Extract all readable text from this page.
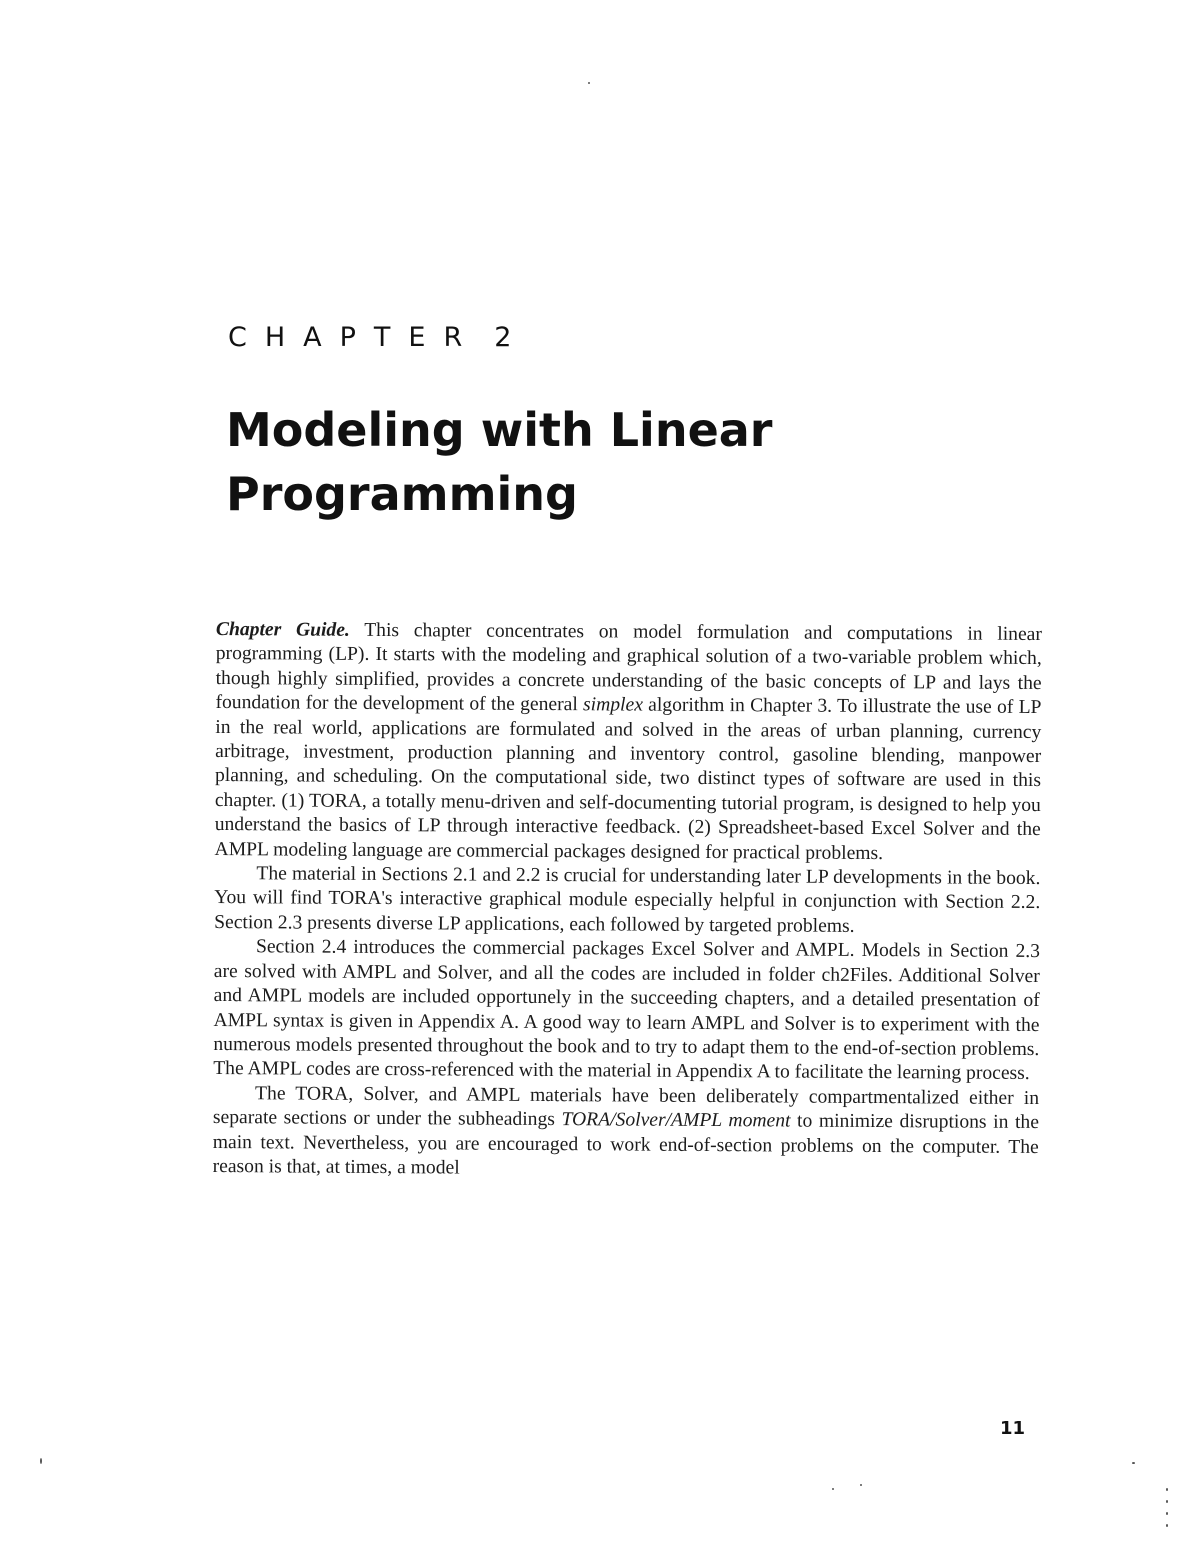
CHAPTER 2
Modeling with Linear Programming

Chapter Guide. This chapter concentrates on model formulation and computations in linear programming (LP). It starts with the modeling and graphical solution of a two-variable problem which, though highly simplified, provides a concrete understanding of the basic concepts of LP and lays the foundation for the development of the general simplex algorithm in Chapter 3. To illustrate the use of LP in the real world, applications are formulated and solved in the areas of urban planning, currency arbitrage, investment, production planning and inventory control, gasoline blending, manpower planning, and scheduling. On the computational side, two distinct types of software are used in this chapter. (1) TORA, a totally menu-driven and self-documenting tutorial program, is designed to help you understand the basics of LP through interactive feedback. (2) Spreadsheet-based Excel Solver and the AMPL modeling language are commercial packages designed for practical problems.

The material in Sections 2.1 and 2.2 is crucial for understanding later LP developments in the book. You will find TORA's interactive graphical module especially helpful in conjunction with Section 2.2. Section 2.3 presents diverse LP applications, each followed by targeted problems.

Section 2.4 introduces the commercial packages Excel Solver and AMPL. Models in Section 2.3 are solved with AMPL and Solver, and all the codes are included in folder ch2Files. Additional Solver and AMPL models are included opportunely in the succeeding chapters, and a detailed presentation of AMPL syntax is given in Appendix A. A good way to learn AMPL and Solver is to experiment with the numerous models presented throughout the book and to try to adapt them to the end-of-section problems. The AMPL codes are cross-referenced with the material in Appendix A to facilitate the learning process.

The TORA, Solver, and AMPL materials have been deliberately compartmentalized either in separate sections or under the subheadings TORA/Solver/AMPL moment to minimize disruptions in the main text. Nevertheless, you are encouraged to work end-of-section problems on the computer. The reason is that, at times, a model

11
